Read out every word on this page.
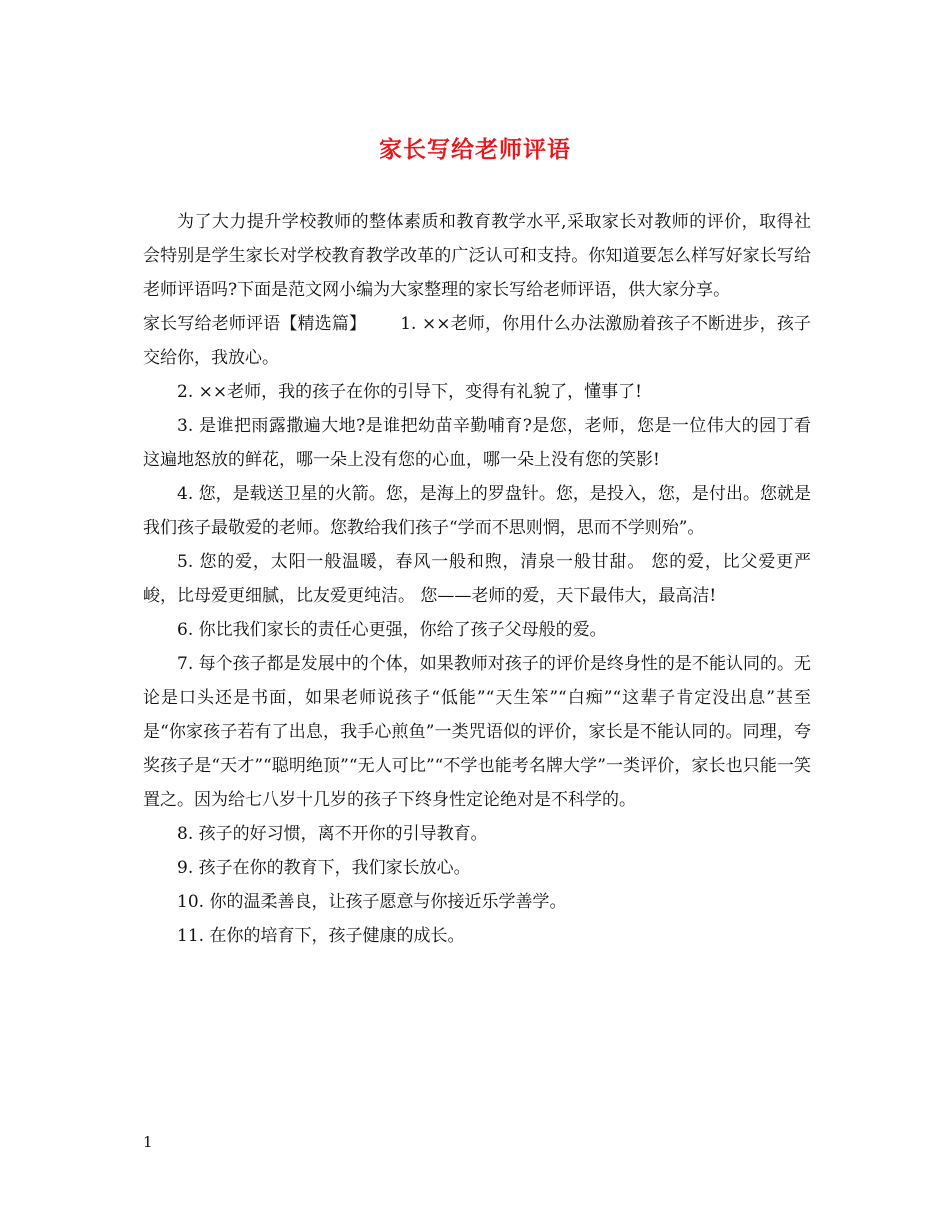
家长写给老师评语

为了大力提升学校教师的整体素质和教育教学水平,采取家长对教师的评价，取得社会特别是学生家长对学校教育教学改革的广泛认可和支持。你知道要怎么样写好家长写给老师评语吗?下面是范文网小编为大家整理的家长写给老师评语，供大家分享。

家长写给老师评语【精选篇】 1. ××老师，你用什么办法激励着孩子不断进步，孩子交给你，我放心。

2. ××老师，我的孩子在你的引导下，变得有礼貌了，懂事了!

3. 是谁把雨露撒遍大地?是谁把幼苗辛勤哺育?是您，老师，您是一位伟大的园丁看这遍地怒放的鲜花，哪一朵上没有您的心血，哪一朵上没有您的笑影!

4. 您，是载送卫星的火箭。您，是海上的罗盘针。您，是投入，您，是付出。您就是我们孩子最敬爱的老师。您教给我们孩子“学而不思则惘，思而不学则殆”。

5. 您的爱，太阳一般温暖，春风一般和煦，清泉一般甘甜。 您的爱，比父爱更严峻，比母爱更细腻，比友爱更纯洁。 您——老师的爱，天下最伟大，最高洁!

6. 你比我们家长的责任心更强，你给了孩子父母般的爱。

7. 每个孩子都是发展中的个体，如果教师对孩子的评价是终身性的是不能认同的。无论是口头还是书面，如果老师说孩子“低能”“天生笨”“白痴”“这辈子肯定没出息”甚至是“你家孩子若有了出息，我手心煎鱼”一类咒语似的评价，家长是不能认同的。同理，夸奖孩子是“天才”“聪明绝顶”“无人可比”“不学也能考名牌大学”一类评价，家长也只能一笑置之。因为给七八岁十几岁的孩子下终身性定论绝对是不科学的。

8. 孩子的好习惯，离不开你的引导教育。

9. 孩子在你的教育下，我们家长放心。

10. 你的温柔善良，让孩子愿意与你接近乐学善学。

11. 在你的培育下，孩子健康的成长。

1
